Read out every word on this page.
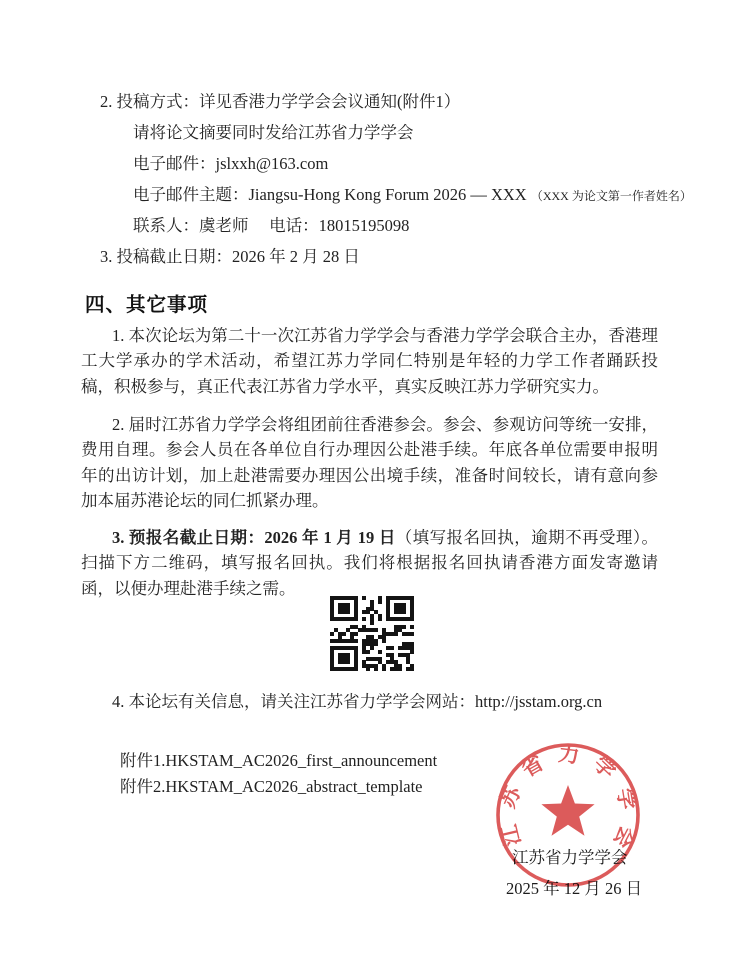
2. 投稿方式：详见香港力学学会会议通知(附件1）
请将论文摘要同时发给江苏省力学学会
电子邮件：jslxxh@163.com
电子邮件主题：Jiangsu-Hong Kong Forum 2026 — XXX （XXX 为论文第一作者姓名）
联系人：虞老师　 电话：18015195098
3. 投稿截止日期：2026 年 2 月 28 日
四、其它事项
1. 本次论坛为第二十一次江苏省力学学会与香港力学学会联合主办，香港理工大学承办的学术活动，希望江苏力学同仁特别是年轻的力学工作者踊跃投稿，积极参与，真正代表江苏省力学水平，真实反映江苏力学研究实力。
2. 届时江苏省力学学会将组团前往香港参会。参会、参观访问等统一安排，费用自理。参会人员在各单位自行办理因公赴港手续。年底各单位需要申报明年的出访计划，加上赴港需要办理因公出境手续，准备时间较长，请有意向参加本届苏港论坛的同仁抓紧办理。
3. 预报名截止日期：2026 年 1 月 19 日（填写报名回执，逾期不再受理）。扫描下方二维码，填写报名回执。我们将根据报名回执请香港方面发寄邀请函，以便办理赴港手续之需。
4. 本论坛有关信息，请关注江苏省力学学会网站：http://jsstam.org.cn
附件1.HKSTAM_AC2026_first_announcement
附件2.HKSTAM_AC2026_abstract_template
江苏省力学学会
2025 年 12 月 26 日
江苏省力学学会
